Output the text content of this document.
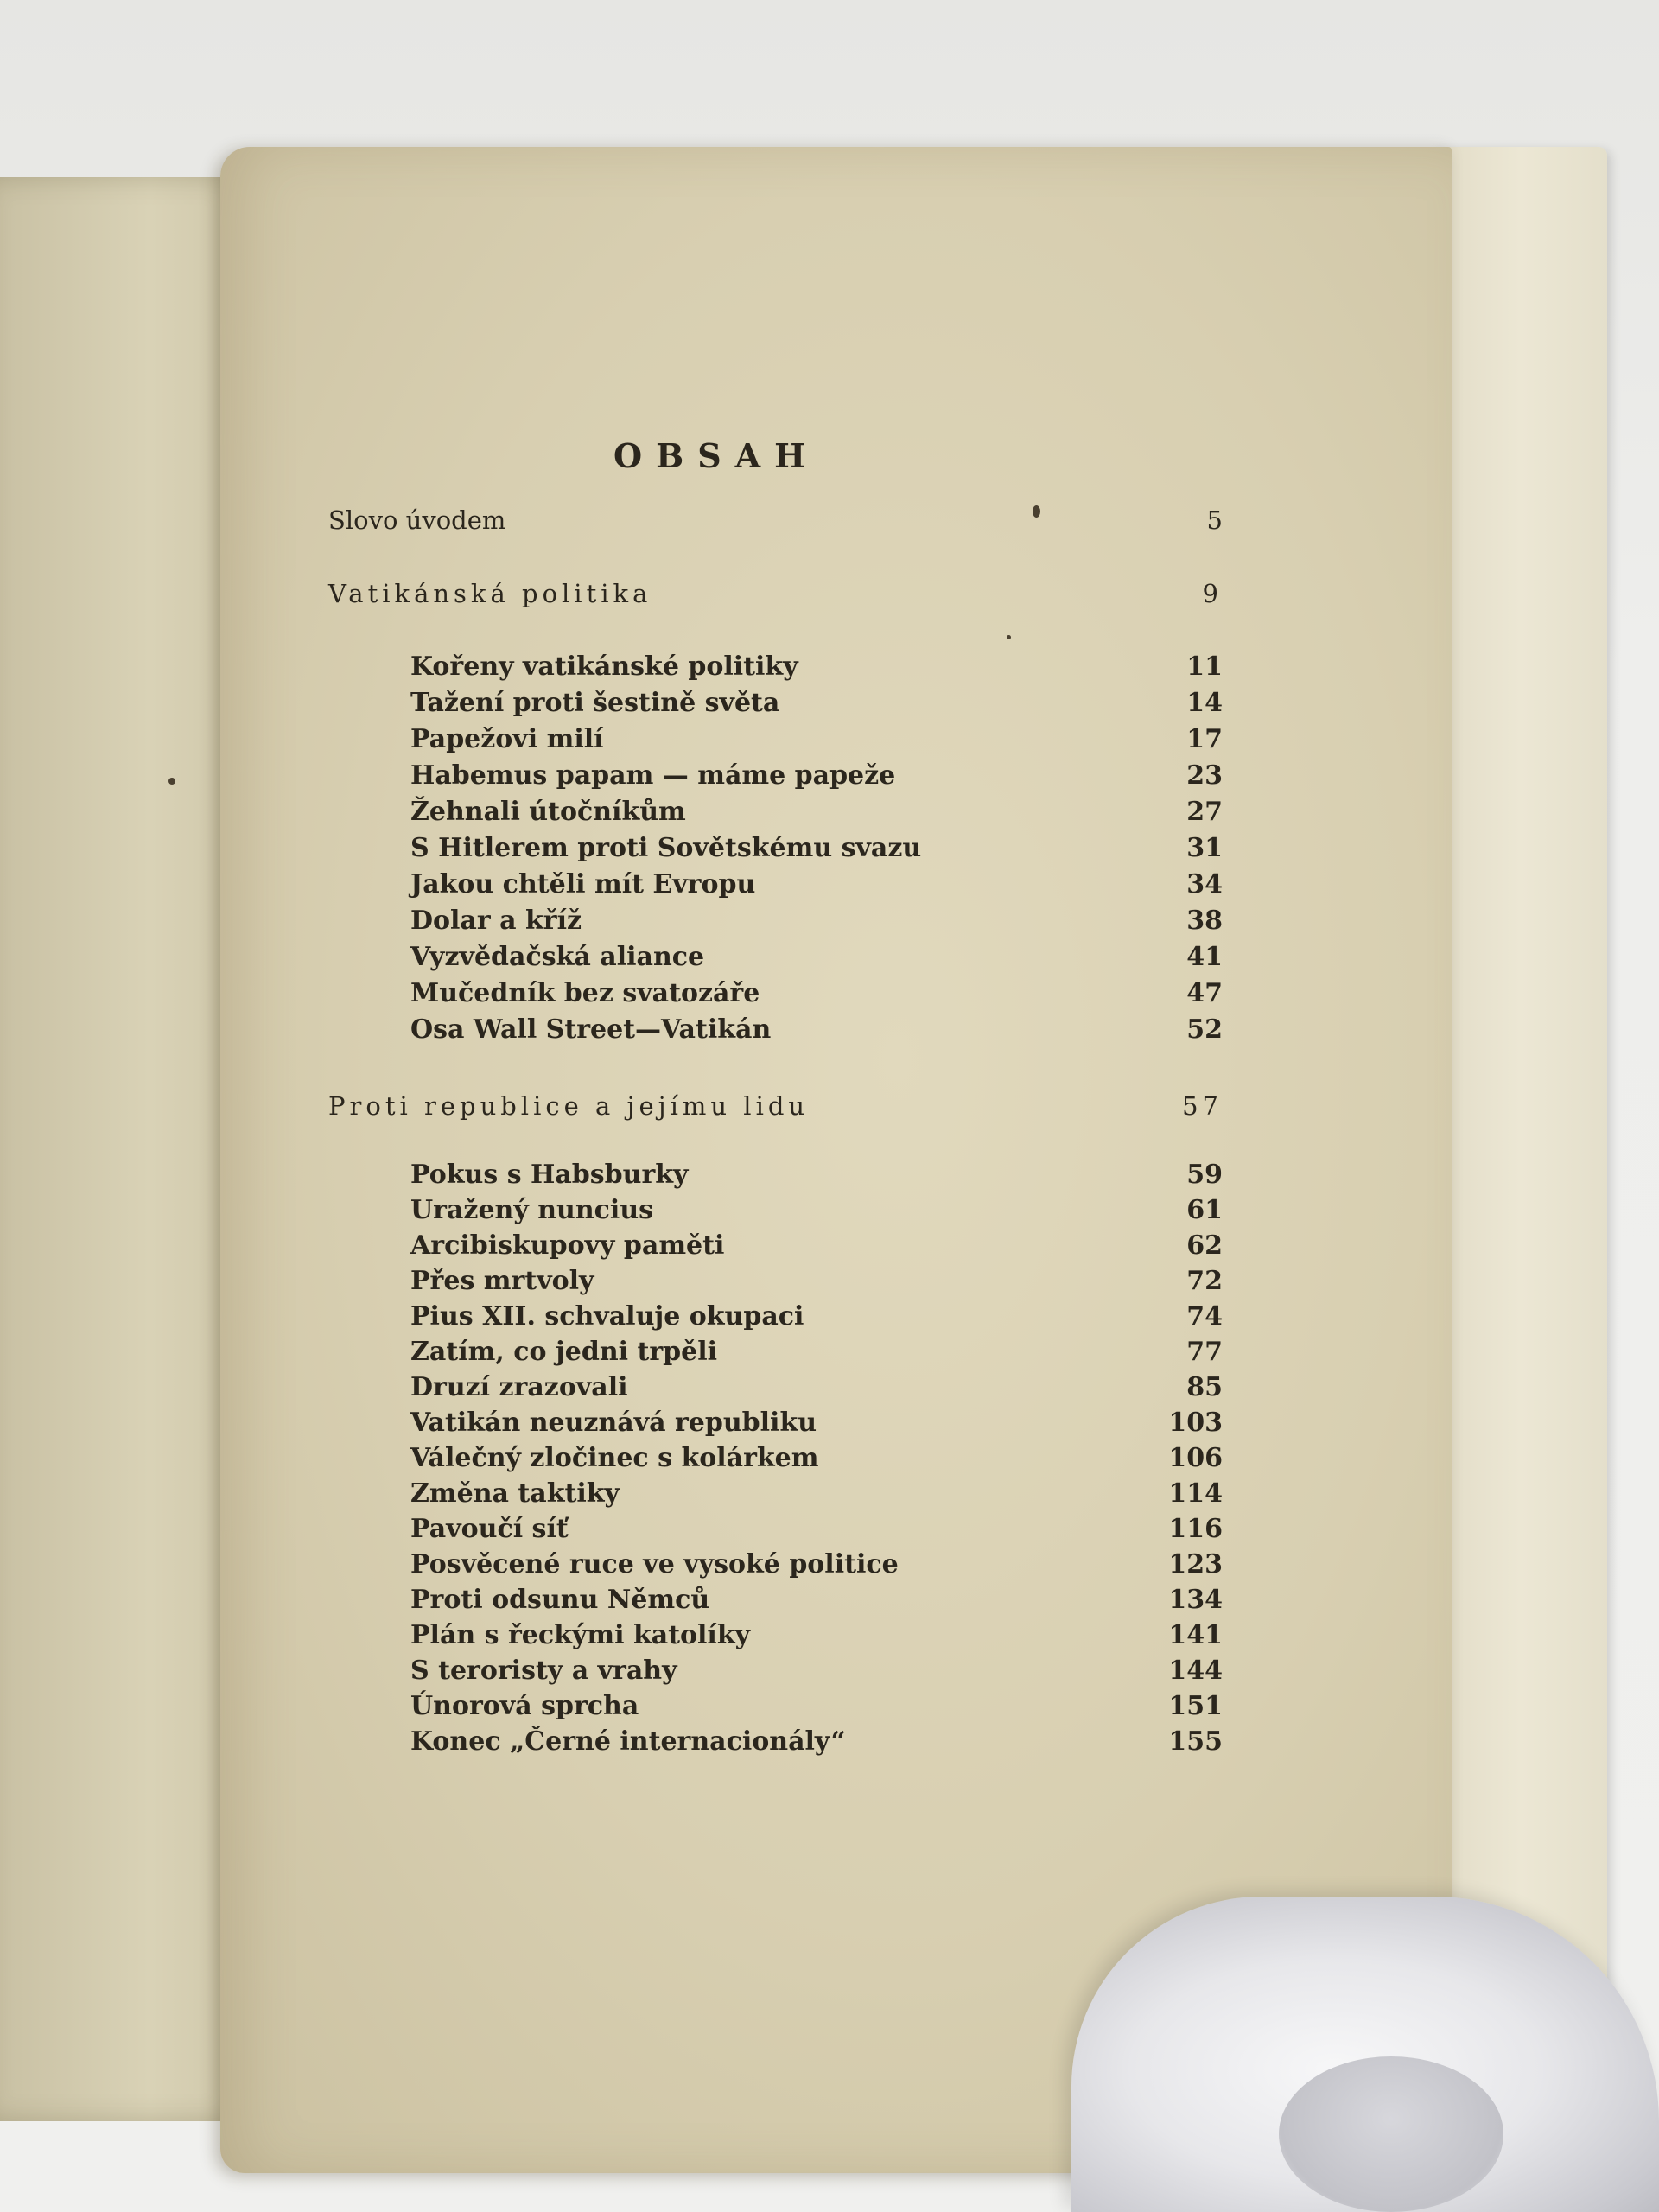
OBSAH
Slovo úvodem	5
Vatikánská politika	9
Kořeny vatikánské politiky	11
Tažení proti šestině světa	14
Papežovi milí	17
Habemus papam — máme papeže	23
Žehnali útočníkům	27
S Hitlerem proti Sovětskému svazu	31
Jakou chtěli mít Evropu	34
Dolar a kříž	38
Vyzvědačská aliance	41
Mučedník bez svatozáře	47
Osa Wall Street—Vatikán	52
Proti republice a jejímu lidu	57
Pokus s Habsburky	59
Uražený nuncius	61
Arcibiskupovy paměti	62
Přes mrtvoly	72
Pius XII. schvaluje okupaci	74
Zatím, co jedni trpěli	77
Druzí zrazovali	85
Vatikán neuznává republiku	103
Válečný zločinec s kolárkem	106
Změna taktiky	114
Pavoučí síť	116
Posvěcené ruce ve vysoké politice	123
Proti odsunu Němců	134
Plán s řeckými katolíky	141
S teroristy a vrahy	144
Únorová sprcha	151
Konec „Černé internacionály“	155
